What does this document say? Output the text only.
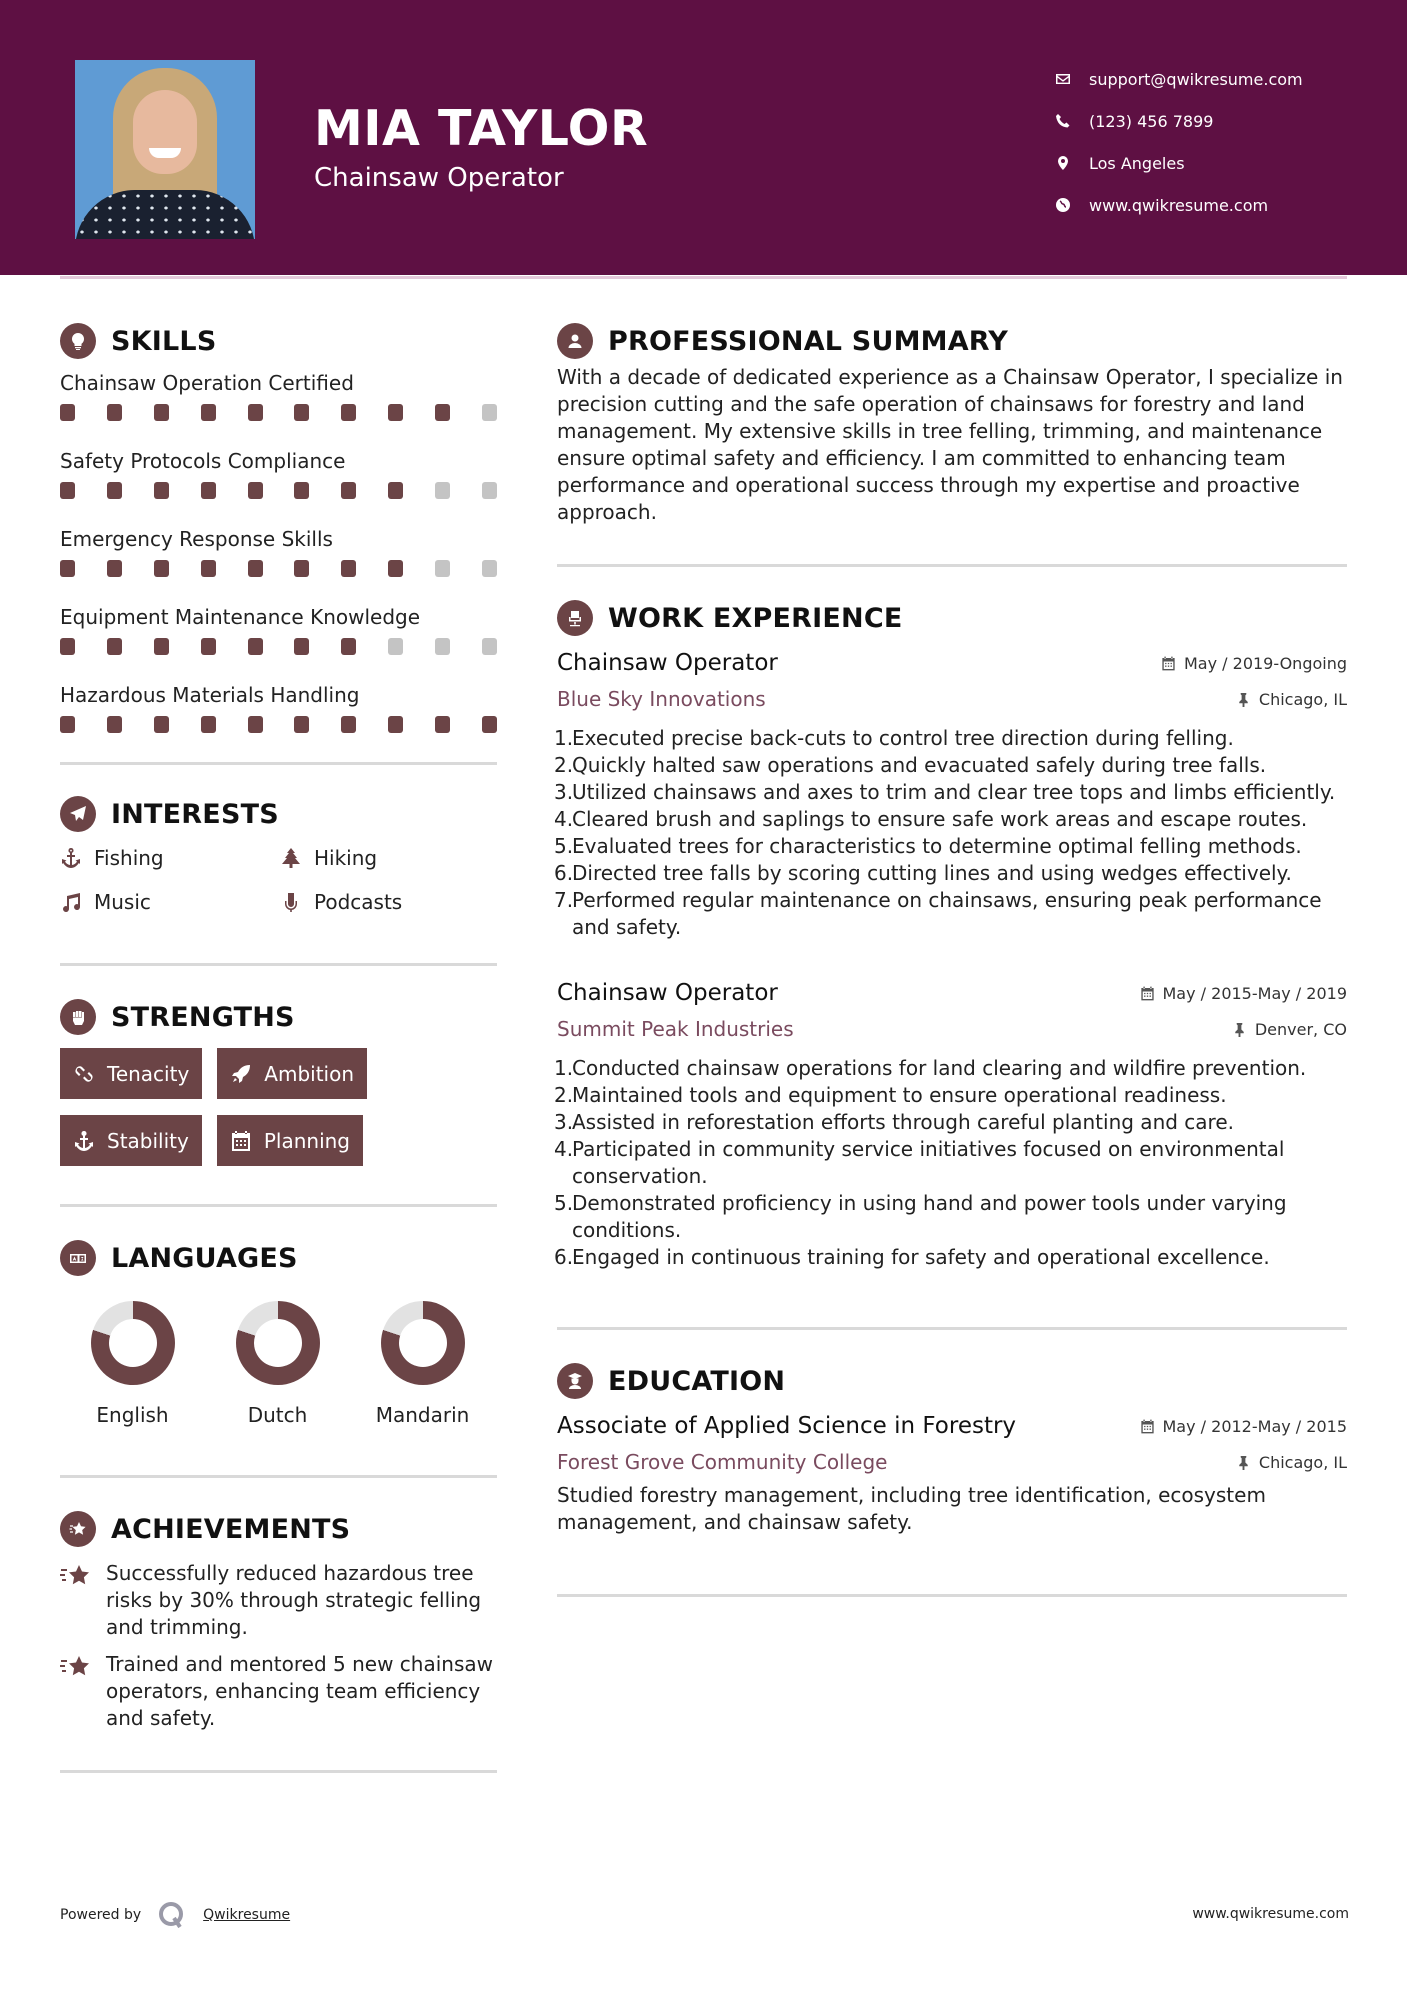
MIA TAYLOR
Chainsaw Operator
support@qwikresume.com
(123) 456 7899
Los Angeles
www.qwikresume.com
SKILLS
Chainsaw Operation Certified
Safety Protocols Compliance
Emergency Response Skills
Equipment Maintenance Knowledge
Hazardous Materials Handling
INTERESTS
Fishing	Hiking
Music	Podcasts
STRENGTHS
Tenacity	Ambition
Stability	Planning
LANGUAGES
English	Dutch	Mandarin
ACHIEVEMENTS
Successfully reduced hazardous tree risks by 30% through strategic felling and trimming.
Trained and mentored 5 new chainsaw operators, enhancing team efficiency and safety.
PROFESSIONAL SUMMARY

With a decade of dedicated experience as a Chainsaw Operator, I specialize in precision cutting and the safe operation of chainsaws for forestry and land management. My extensive skills in tree felling, trimming, and maintenance ensure optimal safety and efficiency. I am committed to enhancing team performance and operational success through my expertise and proactive approach.

WORK EXPERIENCE
Chainsaw Operator	May / 2019-Ongoing
Blue Sky Innovations	Chicago, IL
1.
Executed precise back-cuts to control tree direction during felling.
2.
Quickly halted saw operations and evacuated safely during tree falls.
3.
Utilized chainsaws and axes to trim and clear tree tops and limbs efficiently.
4.
Cleared brush and saplings to ensure safe work areas and escape routes.
5.
Evaluated trees for characteristics to determine optimal felling methods.
6.
Directed tree falls by scoring cutting lines and using wedges effectively.
7.
Performed regular maintenance on chainsaws, ensuring peak performance and safety.
Chainsaw Operator	May / 2015-May / 2019
Summit Peak Industries	Denver, CO
1.
Conducted chainsaw operations for land clearing and wildfire prevention.
2.
Maintained tools and equipment to ensure operational readiness.
3.
Assisted in reforestation efforts through careful planting and care.
4.
Participated in community service initiatives focused on environmental conservation.
5.
Demonstrated proficiency in using hand and power tools under varying conditions.
6.
Engaged in continuous training for safety and operational excellence.
EDUCATION
Associate of Applied Science in Forestry	May / 2012-May / 2015
Forest Grove Community College	Chicago, IL

Studied forestry management, including tree identification, ecosystem management, and chainsaw safety.

Powered by	Qwikresume	www.qwikresume.com
